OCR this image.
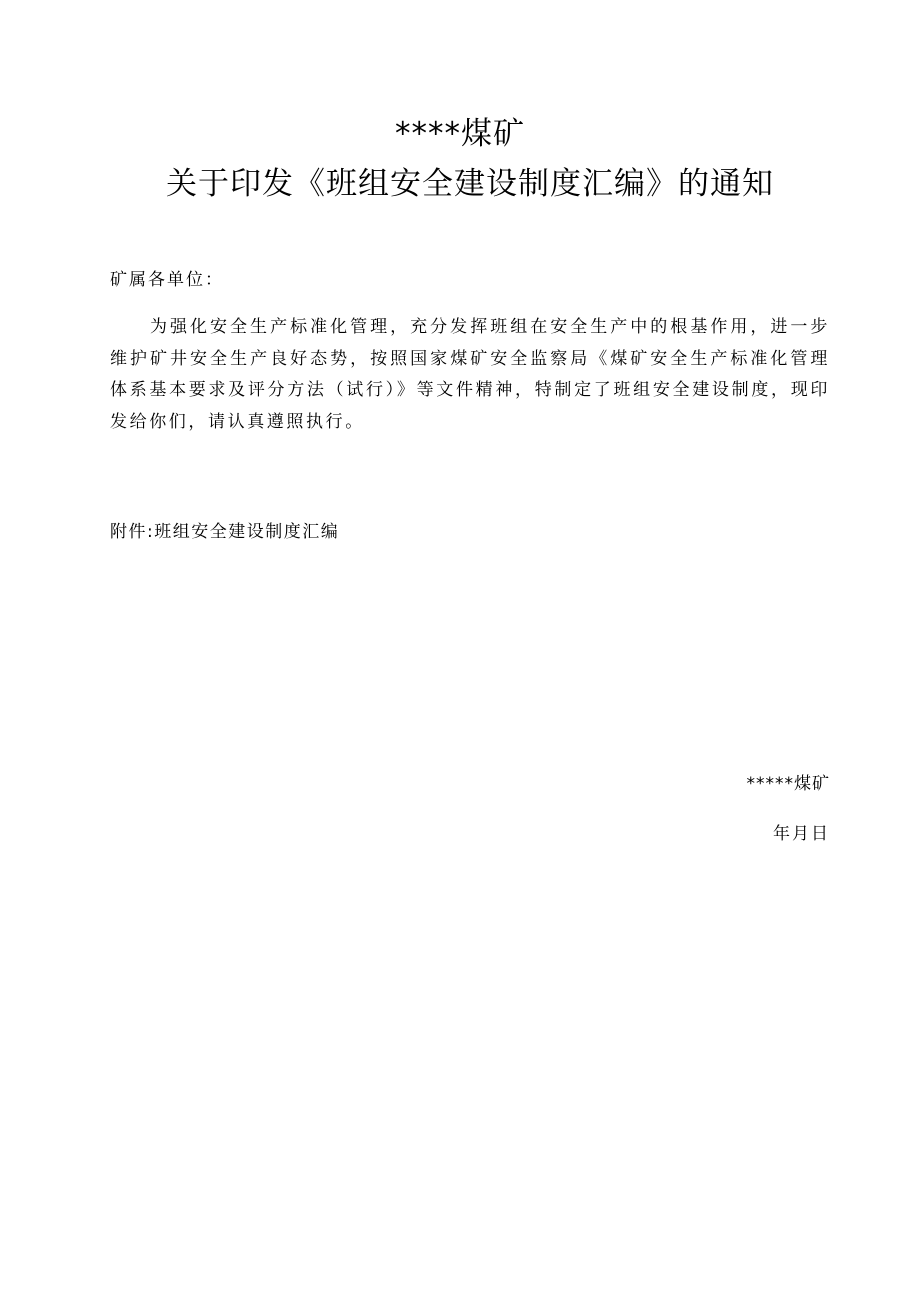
****煤矿
关于印发《班组安全建设制度汇编》的通知
矿属各单位：

为强化安全生产标准化管理，充分发挥班组在安全生产中的根基作用，进一步维护矿井安全生产良好态势，按照国家煤矿安全监察局《煤矿安全生产标准化管理体系基本要求及评分方法（试行）》等文件精神，特制定了班组安全建设制度，现印发给你们，请认真遵照执行。

附件:班组安全建设制度汇编
*****煤矿
年月日
